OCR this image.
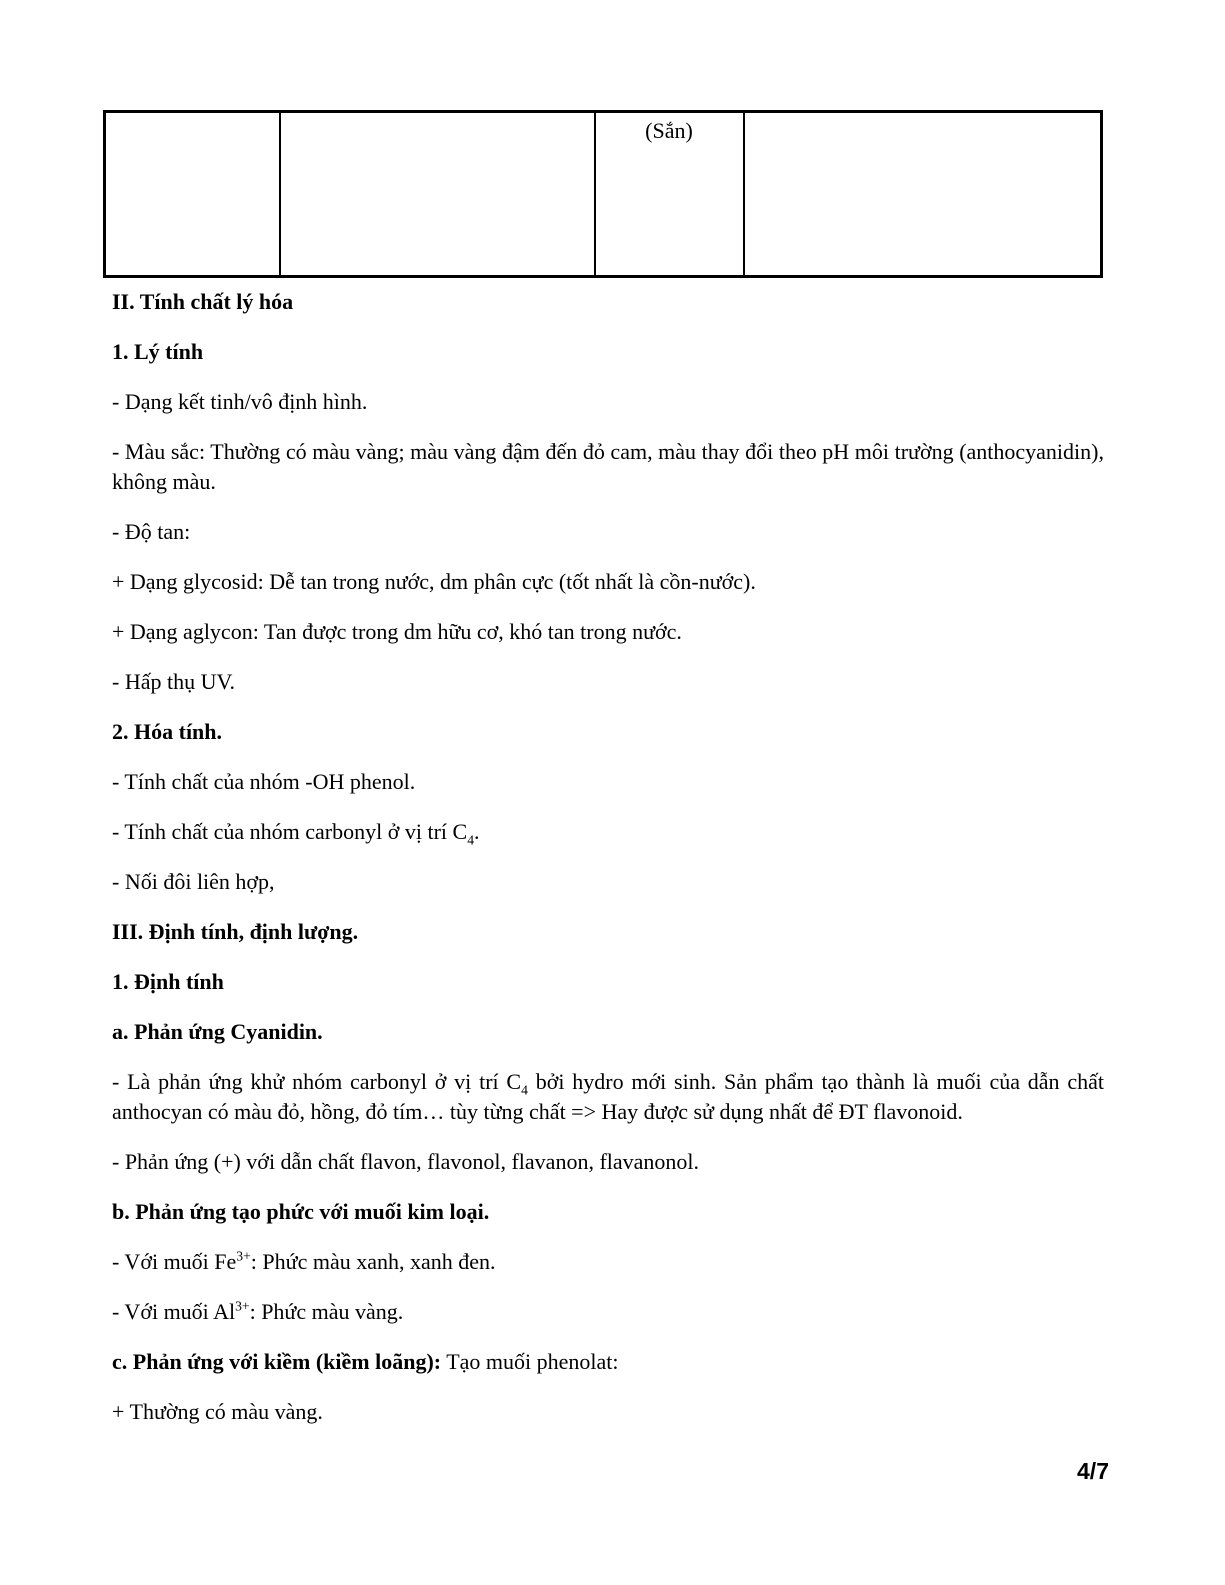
		(Sắn)	

II. Tính chất lý hóa

1. Lý tính

- Dạng kết tinh/vô định hình.

- Màu sắc: Thường có màu vàng; màu vàng đậm đến đỏ cam, màu thay đổi theo pH môi trường (anthocyanidin), không màu.

- Độ tan:

+ Dạng glycosid: Dễ tan trong nước, dm phân cực (tốt nhất là cồn-nước).

+ Dạng aglycon: Tan được trong dm hữu cơ, khó tan trong nước.

- Hấp thụ UV.

2. Hóa tính.

- Tính chất của nhóm -OH phenol.

- Tính chất của nhóm carbonyl ở vị trí $C_4$.

- Nối đôi liên hợp,

III. Định tính, định lượng.

1. Định tính

a. Phản ứng Cyanidin.

- Là phản ứng khử nhóm carbonyl ở vị trí $C_4$ bởi hydro mới sinh. Sản phẩm tạo thành là muối của dẫn chất anthocyan có màu đỏ, hồng, đỏ tím… tùy từng chất => Hay được sử dụng nhất để ĐT flavonoid.

- Phản ứng (+) với dẫn chất flavon, flavonol, flavanon, flavanonol.

b. Phản ứng tạo phức với muối kim loại.

- Với muối $Fe^{3+}$: Phức màu xanh, xanh đen.

- Với muối $Al^{3+}$: Phức màu vàng.

c. Phản ứng với kiềm (kiềm loãng): Tạo muối phenolat:

+ Thường có màu vàng.

4/7
